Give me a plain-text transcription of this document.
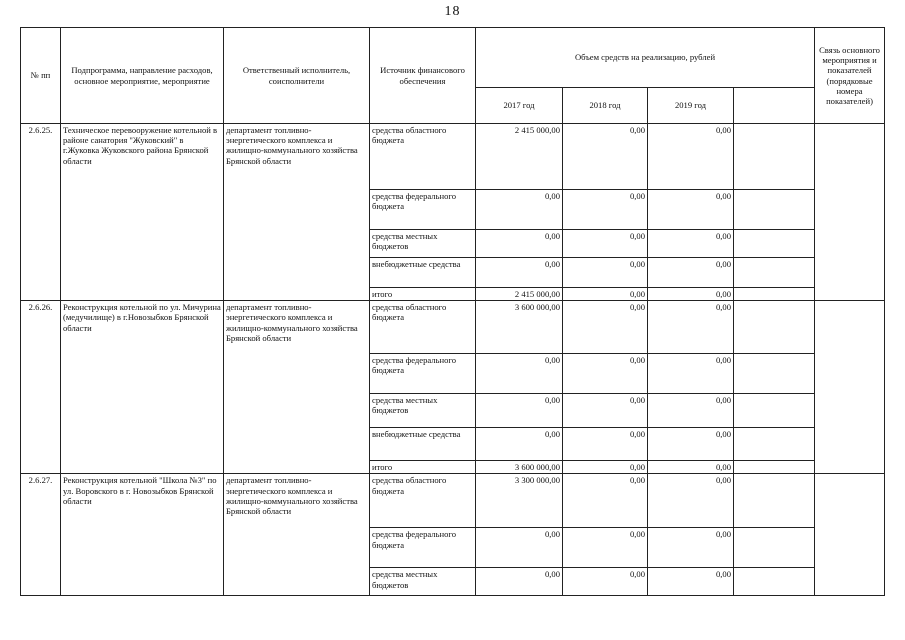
18
№ пп	Подпрограмма, направление расходов, основное мероприятие, мероприятие	Ответственный исполнитель, соисполнители	Источник финансового обеспечения	Объем средств на реализацию, рублей				Связь основного мероприятия и показателей (порядковые номера показателей)
				2017 год	2018 год	2019 год		
2.6.25.	Техническое перевооружение котельной в районе санатория "Жуковский" в г.Жуковка Жуковского района Брянской области	департамент топливно-энергетического комплекса и жилищно-коммунального хозяйства Брянской области	средства областного бюджета	2 415 000,00	0,00	0,00		
			средства федерального бюджета	0,00	0,00	0,00		
			средства местных бюджетов	0,00	0,00	0,00		
			внебюджетные средства	0,00	0,00	0,00		
			итого	2 415 000,00	0,00	0,00		
2.6.26.	Реконструкция котельной по ул. Мичурина (медучилище) в г.Новозыбков Брянской области	департамент топливно-энергетического комплекса и жилищно-коммунального хозяйства Брянской области	средства областного бюджета	3 600 000,00	0,00	0,00		
			средства федерального бюджета	0,00	0,00	0,00		
			средства местных бюджетов	0,00	0,00	0,00		
			внебюджетные средства	0,00	0,00	0,00		
			итого	3 600 000,00	0,00	0,00		
2.6.27.	Реконструкция котельной "Школа №3" по ул. Воровского в г. Новозыбков Брянской области	департамент топливно-энергетического комплекса и жилищно-коммунального хозяйства Брянской области	средства областного бюджета	3 300 000,00	0,00	0,00		
			средства федерального бюджета	0,00	0,00	0,00		
			средства местных бюджетов	0,00	0,00	0,00		
